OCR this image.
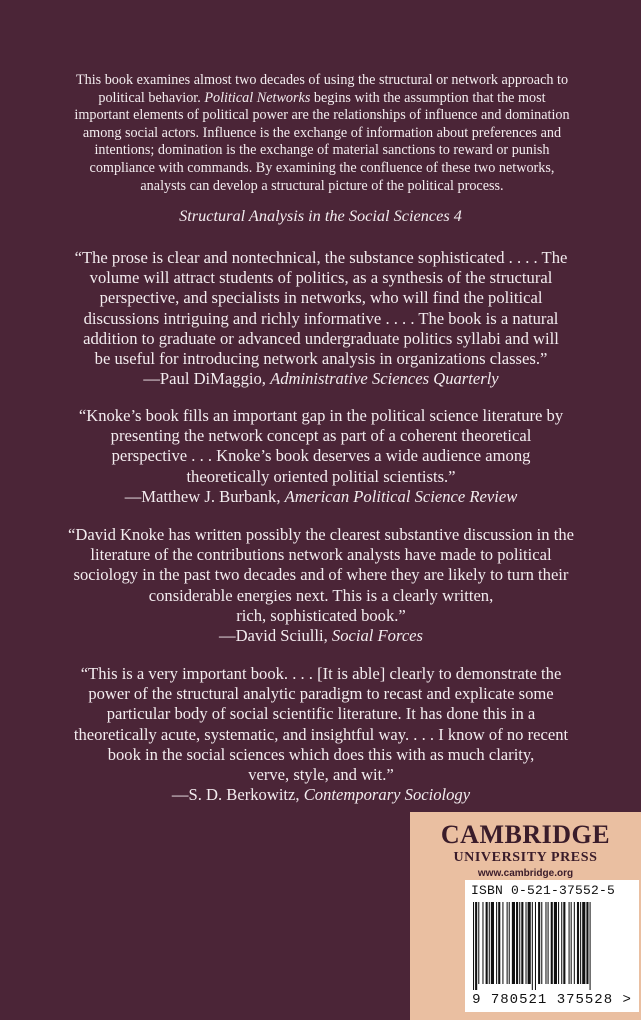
This book examines almost two decades of using the structural or network approach to

political behavior. Political Networks begins with the assumption that the most

important elements of political power are the relationships of influence and domination

among social actors. Influence is the exchange of information about preferences and

intentions; domination is the exchange of material sanctions to reward or punish

compliance with commands. By examining the confluence of these two networks,

analysts can develop a structural picture of the political process.

Structural Analysis in the Social Sciences 4

“The prose is clear and nontechnical, the substance sophisticated . . . . The

volume will attract students of politics, as a synthesis of the structural

perspective, and specialists in networks, who will find the political

discussions intriguing and richly informative . . . . The book is a natural

addition to graduate or advanced undergraduate politics syllabi and will

be useful for introducing network analysis in organizations classes.”

—Paul DiMaggio, Administrative Sciences Quarterly

“Knoke’s book fills an important gap in the political science literature by

presenting the network concept as part of a coherent theoretical

perspective . . . Knoke’s book deserves a wide audience among

theoretically oriented politial scientists.”

—Matthew J. Burbank, American Political Science Review

“David Knoke has written possibly the clearest substantive discussion in the

literature of the contributions network analysts have made to political

sociology in the past two decades and of where they are likely to turn their

considerable energies next. This is a clearly written,

rich, sophisticated book.”

—David Sciulli, Social Forces

“This is a very important book. . . . [It is able] clearly to demonstrate the

power of the structural analytic paradigm to recast and explicate some

particular body of social scientific literature. It has done this in a

theoretically acute, systematic, and insightful way. . . . I know of no recent

book in the social sciences which does this with as much clarity,

verve, style, and wit.”

—S. D. Berkowitz, Contemporary Sociology

CAMBRIDGE
UNIVERSITY PRESS
www.cambridge.org
ISBN 0-521-37552-5
9 780521 375528 >
